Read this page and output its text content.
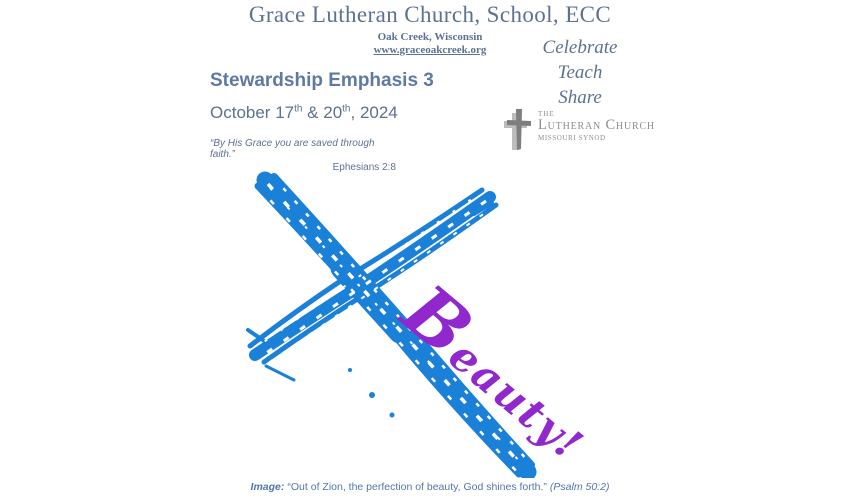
Grace Lutheran Church, School, ECC
Oak Creek, Wisconsin
www.graceoakcreek.org	Celebrate
Teach
Share
THE
Lutheran Church
MISSOURI SYNOD
Stewardship Emphasis 3
October 17th & 20th, 2024
“By His Grace you are saved through faith.”
Ephesians 2:8
Beauty!
Image: “Out of Zion, the perfection of beauty, God shines forth.” (Psalm 50:2)
